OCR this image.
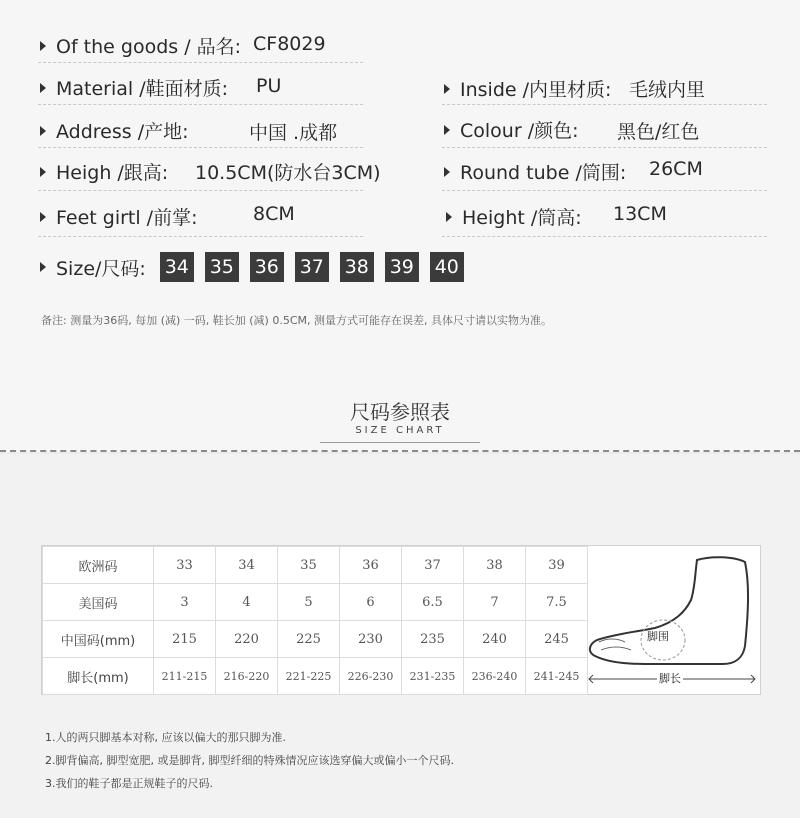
Of the goods / 品名: CF8029
Material /鞋面材质: PU	Inside /内里材质: 毛绒内里
Address /产地:	中国 .成都	Colour /颜色: 黑色/红色
Heigh /跟高: 10.5CM(防水台3CM)	Round tube /筒围: 26CM
Feet girtl /前掌:	8CM	Height /筒高: 13CM
Size/尺码: 34 35 36 37 38 39 40
备注: 测量为36码, 每加 (减) 一码, 鞋长加 (减) 0.5CM, 测量方式可能存在误差, 具体尺寸请以实物为准。
尺码参照表
SIZE CHART
欧洲码	33	34	35	36	37	38	39
美国码	3	4	5	6	6.5	7	7.5
中国码(mm)	215	220	225	230	235	240	245
脚长(mm)	211-215	216-220	221-225	226-230	231-235	236-240	241-245
脚围
脚长
1.人的两只脚基本对称, 应该以偏大的那只脚为准.
2.脚背偏高, 脚型宽肥, 或是脚背, 脚型纤细的特殊情况应该选穿偏大或偏小一个尺码.
3.我们的鞋子都是正规鞋子的尺码.
